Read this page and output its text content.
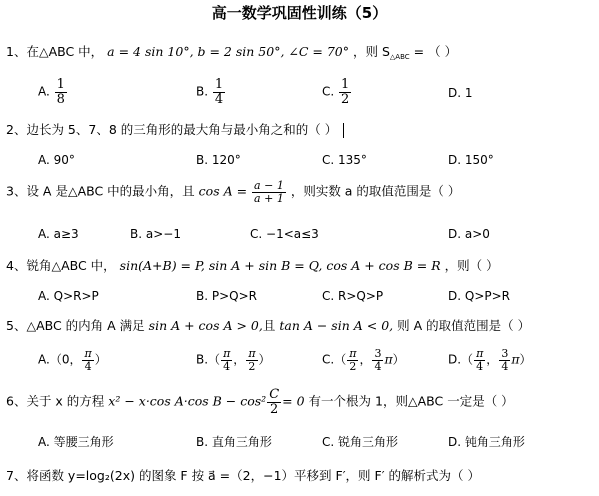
高一数学巩固性训练（5）
1、在△ABC 中， a = 4 sin 10°, b = 2 sin 50°, ∠C = 70° ，则 $S_{\triangle ABC}$ = （ ）
A. $\frac{1}{8}$	B. $\frac{1}{4}$	C. $\frac{1}{2}$	D. 1
2、边长为 5、7、8 的三角形的最大角与最小角之和的（ ）
A. 90°	B. 120°	C. 135°	D. 150°
3、设 A 是△ABC 中的最小角，且 $\cos A = \frac{a - 1}{a + 1}$ ，则实数 a 的取值范围是（ ）
A. a≥3	B. a>−1	C. −1<a≤3	D. a>0
4、锐角△ABC 中， sin(A+B) = P, sin A + sin B = Q, cos A + cos B = R ，则（ ）
A. Q>R>P	B. P>Q>R	C. R>Q>P	D. Q>P>R
5、△ABC 的内角 A 满足 sin A + cos A > 0,且 tan A − sin A < 0, 则 A 的取值范围是（ ）
A.（0， $\frac{\pi}{4}$ ）	$B.( \frac{\pi}{4}$ ， $\frac{\pi}{2}$ ）	$C.( \frac{\pi}{2}$ ， $\frac{3}{4} \pi$）	$D.( \frac{\pi}{4}$ ， $\frac{3}{4} \pi$）
6、关于 x 的方程 x² − x·cos A·cos $B - \cos^2 \frac{C}{2} = 0$ 有一个根为 1，则△ABC 一定是（ ）
A. 等腰三角形	B. 直角三角形	C. 锐角三角形	D. 钝角三角形
7、将函数 y=log₂(2x) 的图象 F 按 a⃗ =（2，−1）平移到 F′，则 F′ 的解析式为（ ）
